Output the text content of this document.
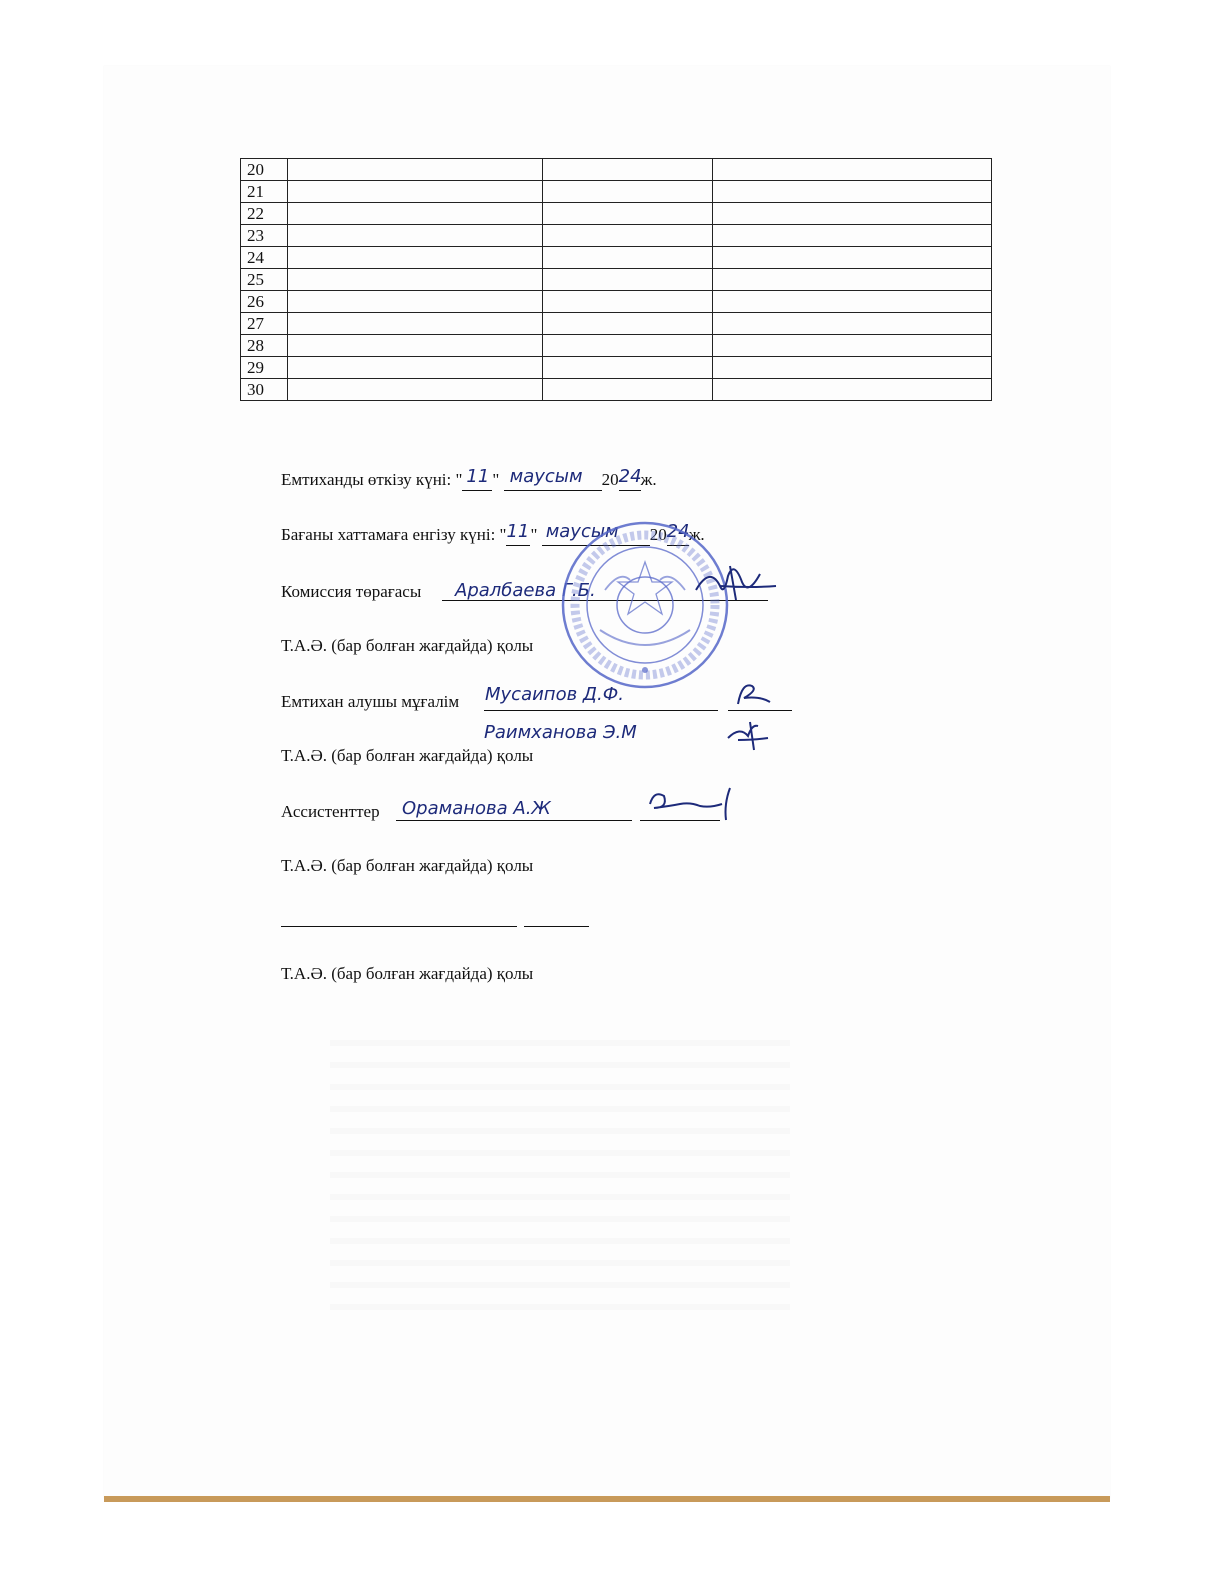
20			
21			
22			
23			
24			
25			
26			
27			
28			
29			
30			
Емтиханды өткізу күні: " 11 " маусым 20 24 ж.
Бағаны хаттамаға енгізу күні: " 11 " маусым 20 24 ж.
Комиссия төрағасы Аралбаева Г.Б.
Т.А.Ә. (бар болған жағдайда) қолы
Емтихан алушы мұғалім Мусаипов Д.Ф.
Раимханова Э.М
Т.А.Ә. (бар болған жағдайда) қолы
Ассистенттер Ораманова А.Ж
Т.А.Ә. (бар болған жағдайда) қолы
Т.А.Ә. (бар болған жағдайда) қолы
